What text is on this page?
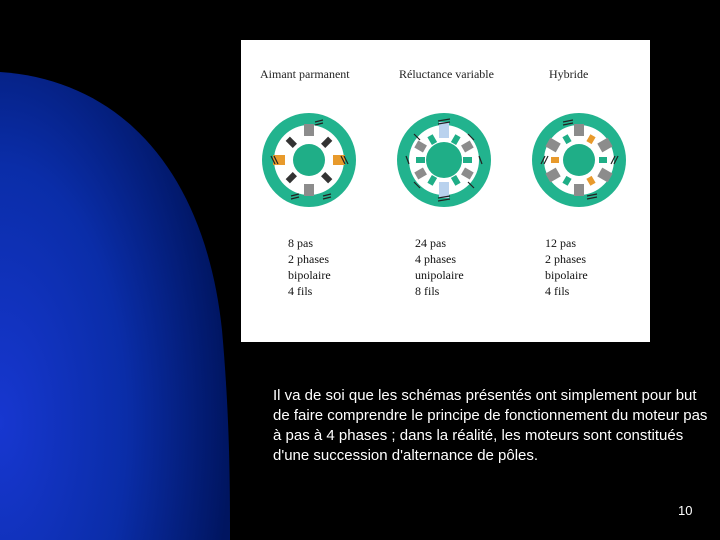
Aimant parmanent	Réluctance variable	Hybride
8 pas
2 phases
bipolaire
4 fils
24 pas
4 phases
unipolaire
8 fils
12 pas
2 phases
bipolaire
4 fils
Il va de soi que les schémas présentés ont simplement pour but de faire comprendre le principe de fonctionnement du moteur pas à pas à 4 phases ; dans la réalité, les moteurs sont constitués d'une succession d'alternance de pôles.
10
